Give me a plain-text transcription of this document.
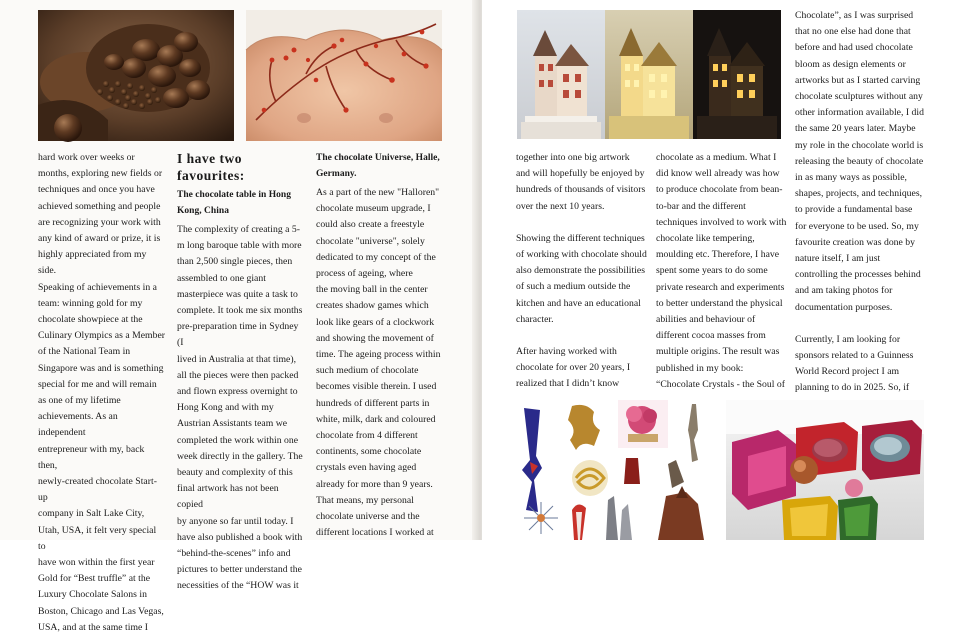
hard work over weeks or

months, exploring new fields or

techniques and once you have

achieved something and people

are recognizing your work with

any kind of award or prize, it is

highly appreciated from my side.

Speaking of achievements in a

team: winning gold for my

chocolate showpiece at the

Culinary Olympics as a Member

of the National Team in

Singapore was and is something

special for me and will remain

as one of my lifetime

achievements. As an independent

entrepreneur with my, back then,

newly-created chocolate Start-up

company in Salt Lake City,

Utah, USA, it felt very special to

have won within the first year

Gold for “Best truffle” at the

Luxury Chocolate Salons in

Boston, Chicago and Las Vegas,

USA, and at the same time I

I have two favourites:
The chocolate table in Hong
Kong, China

The complexity of creating a 5-

m long baroque table with more

than 2,500 single pieces, then

assembled to one giant

masterpiece was quite a task to

complete. It took me six months

pre-preparation time in Sydney (I

lived in Australia at that time),

all the pieces were then packed

and flown express overnight to

Hong Kong and with my

Austrian Assistants team we

completed the work within one

week directly in the gallery. The

beauty and complexity of this

final artwork has not been copied

by anyone so far until today. I

have also published a book with

“behind-the-scenes” info and

pictures to better understand the

necessities of the “HOW was it

The chocolate Universe, Halle,
Germany.

As a part of the new "Halloren"

chocolate museum upgrade, I

could also create a freestyle

chocolate "universe", solely

dedicated to my concept of the

process of ageing, where

the moving ball in the center

creates shadow games which

look like gears of a clockwork

and showing the movement of

time. The ageing process within

such medium of chocolate

becomes visible therein. I used

hundreds of different parts in

white, milk, dark and coloured

chocolate from 4 different

continents, some chocolate

crystals even having aged

already for more than 9 years.

That means, my personal

chocolate universe and the

different locations I worked at

together into one big artwork

and will hopefully be enjoyed by

hundreds of thousands of visitors

over the next 10 years.

Showing the different techniques

of working with chocolate should

also demonstrate the possibilities

of such a medium outside the

kitchen and have an educational

character.

After having worked with

chocolate for over 20 years, I

realized that I didn’t know

chocolate as a medium. What I

did know well already was how

to produce chocolate from bean-

to-bar and the different

techniques involved to work with

chocolate like tempering,

moulding etc. Therefore, I have

spent some years to do some

private research and experiments

to better understand the physical

abilities and behaviour of

different cocoa masses from

multiple origins. The result was

published in my book:

“Chocolate Crystals - the Soul of

Chocolate”, as I was surprised

that no one else had done that

before and had used chocolate

bloom as design elements or

artworks but as I started carving

chocolate sculptures without any

other information available, I did

the same 20 years later. Maybe

my role in the chocolate world is

releasing the beauty of chocolate

in as many ways as possible,

shapes, projects, and techniques,

to provide a fundamental base

for everyone to be used. So, my

favourite creation was done by

nature itself, I am just

controlling the processes behind

and am taking photos for

documentation purposes.

Currently, I am looking for

sponsors related to a Guinness

World Record project I am

planning to do in 2025. So, if
